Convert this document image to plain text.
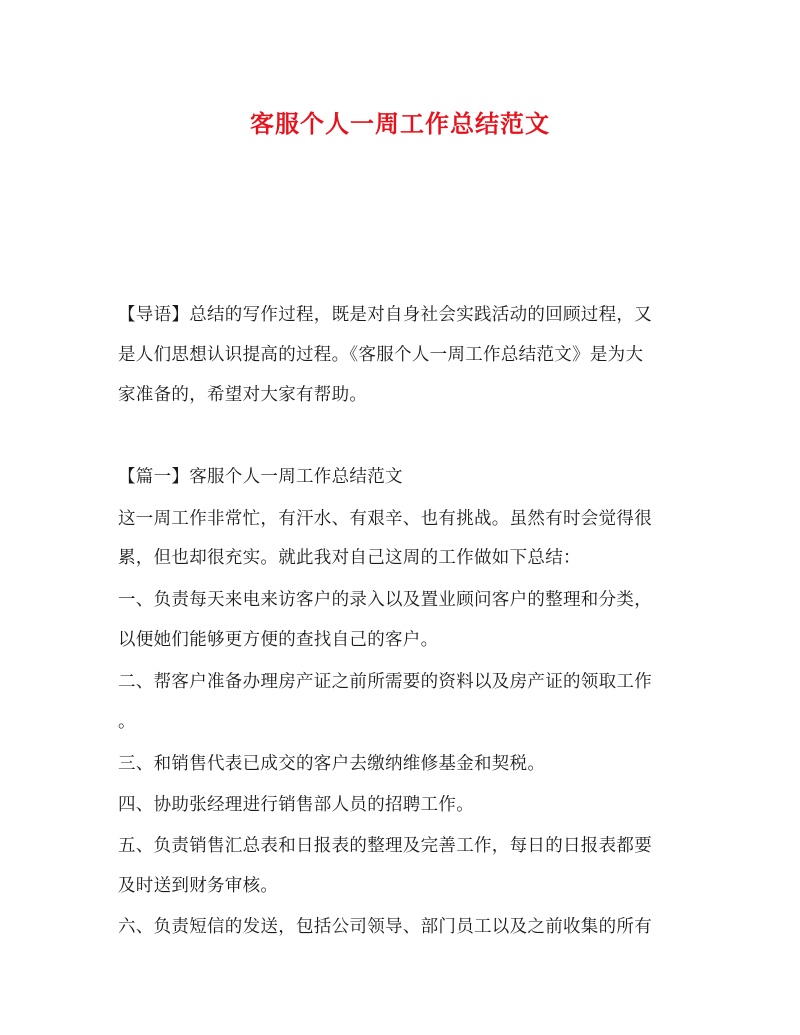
客服个人一周工作总结范文
【导语】总结的写作过程，既是对自身社会实践活动的回顾过程，又
是人们思想认识提高的过程。《客服个人一周工作总结范文》是为大
家准备的，希望对大家有帮助。
【篇一】客服个人一周工作总结范文
这一周工作非常忙，有汗水、有艰辛、也有挑战。虽然有时会觉得很
累，但也却很充实。就此我对自己这周的工作做如下总结：
一、负责每天来电来访客户的录入以及置业顾问客户的整理和分类，
以便她们能够更方便的查找自己的客户。
二、帮客户准备办理房产证之前所需要的资料以及房产证的领取工作
。
三、和销售代表已成交的客户去缴纳维修基金和契税。
四、协助张经理进行销售部人员的招聘工作。
五、负责销售汇总表和日报表的整理及完善工作，每日的日报表都要
及时送到财务审核。
六、负责短信的发送，包括公司领导、部门员工以及之前收集的所有
